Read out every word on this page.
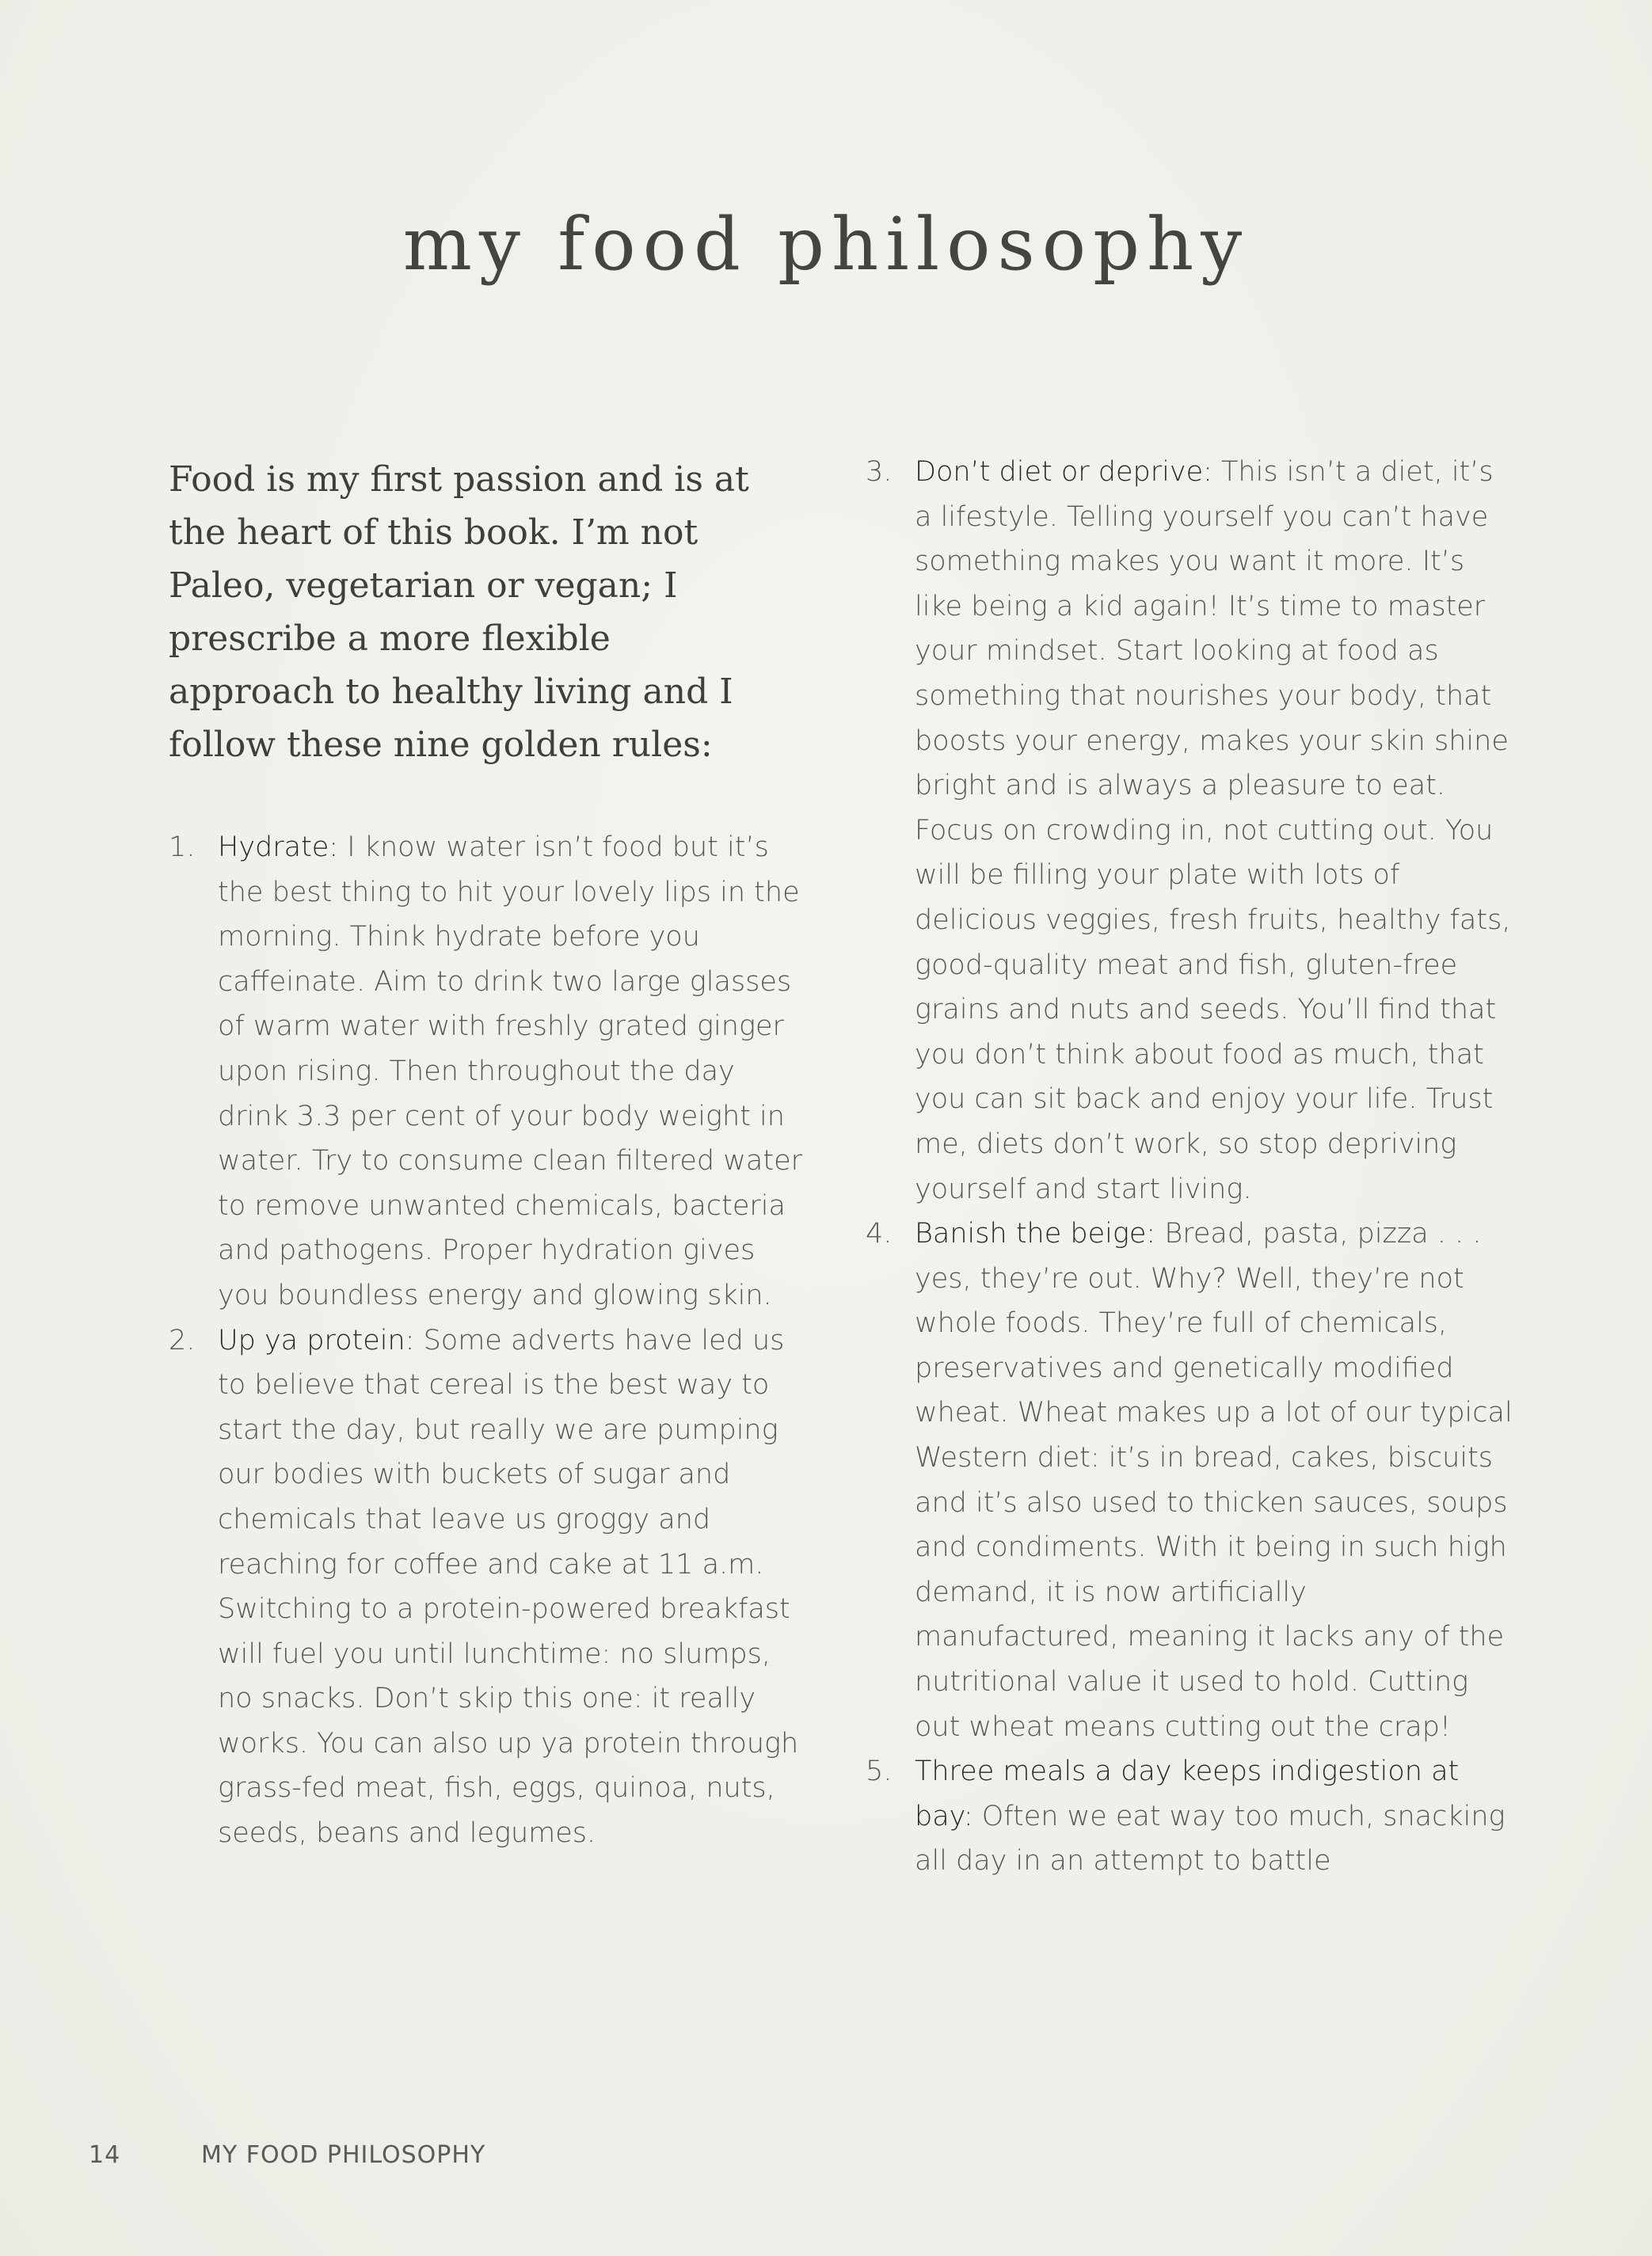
my food philosophy

Food is my first passion and is at the heart of this book. I’m not Paleo, vegetarian or vegan; I prescribe a more flexible approach to healthy living and I follow these nine golden rules:

1. Hydrate: I know water isn’t food but it’s the best thing to hit your lovely lips in the morning. Think hydrate before you caffeinate. Aim to drink two large glasses of warm water with freshly grated ginger upon rising. Then throughout the day drink 3.3 per cent of your body weight in water. Try to consume clean filtered water to remove unwanted chemicals, bacteria and pathogens. Proper hydration gives you boundless energy and glowing skin.
2. Up ya protein: Some adverts have led us to believe that cereal is the best way to start the day, but really we are pumping our bodies with buckets of sugar and chemicals that leave us groggy and reaching for coffee and cake at 11 a.m. Switching to a protein-powered breakfast will fuel you until lunchtime: no slumps, no snacks. Don’t skip this one: it really works. You can also up ya protein through grass-fed meat, fish, eggs, quinoa, nuts, seeds, beans and legumes.
3. Don’t diet or deprive: This isn’t a diet, it’s a lifestyle. Telling yourself you can’t have something makes you want it more. It’s like being a kid again! It’s time to master your mindset. Start looking at food as something that nourishes your body, that boosts your energy, makes your skin shine bright and is always a pleasure to eat. Focus on crowding in, not cutting out. You will be filling your plate with lots of delicious veggies, fresh fruits, healthy fats, good-quality meat and fish, gluten-free grains and nuts and seeds. You’ll find that you don’t think about food as much, that you can sit back and enjoy your life. Trust me, diets don’t work, so stop depriving yourself and start living.
4. Banish the beige: Bread, pasta, pizza . . . yes, they’re out. Why? Well, they’re not whole foods. They’re full of chemicals, preservatives and genetically modified wheat. Wheat makes up a lot of our typical Western diet: it’s in bread, cakes, biscuits and it’s also used to thicken sauces, soups and condiments. With it being in such high demand, it is now artificially manufactured, meaning it lacks any of the nutritional value it used to hold. Cutting out wheat means cutting out the crap!
5. Three meals a day keeps indigestion at bay: Often we eat way too much, snacking all day in an attempt to battle
14	MY FOOD PHILOSOPHY
